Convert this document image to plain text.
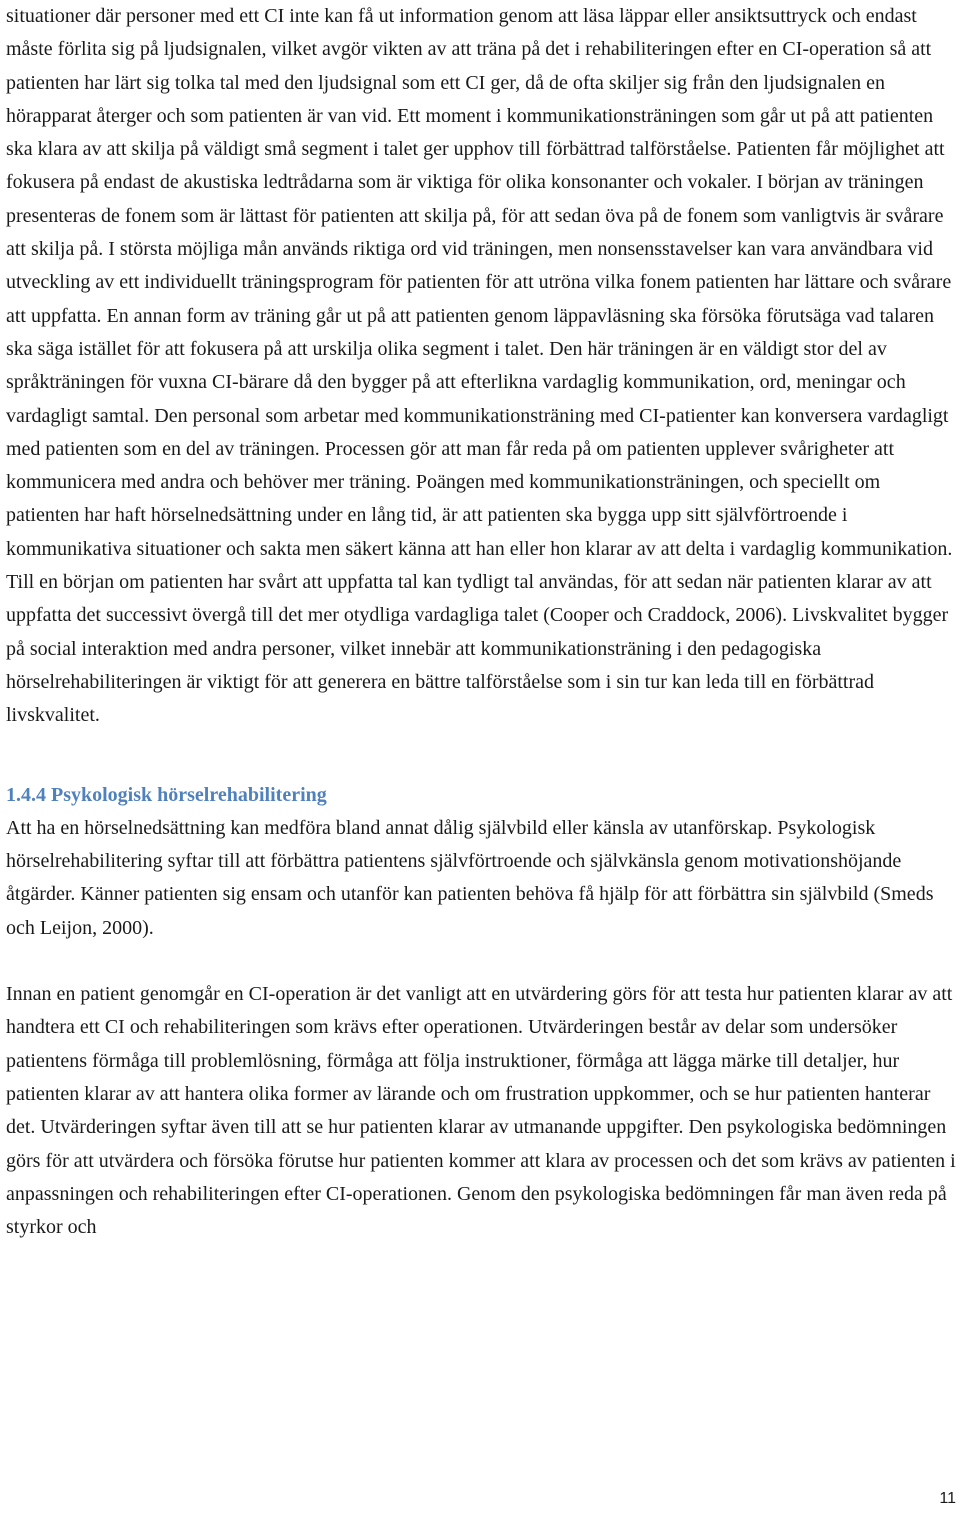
situationer där personer med ett CI inte kan få ut information genom att läsa läppar eller ansiktsuttryck och endast måste förlita sig på ljudsignalen, vilket avgör vikten av att träna på det i rehabiliteringen efter en CI-operation så att patienten har lärt sig tolka tal med den ljudsignal som ett CI ger, då de ofta skiljer sig från den ljudsignalen en hörapparat återger och som patienten är van vid. Ett moment i kommunikationsträningen som går ut på att patienten ska klara av att skilja på väldigt små segment i talet ger upphov till förbättrad talförståelse. Patienten får möjlighet att fokusera på endast de akustiska ledtrådarna som är viktiga för olika konsonanter och vokaler. I början av träningen presenteras de fonem som är lättast för patienten att skilja på, för att sedan öva på de fonem som vanligtvis är svårare att skilja på. I största möjliga mån används riktiga ord vid träningen, men nonsensstavelser kan vara användbara vid utveckling av ett individuellt träningsprogram för patienten för att utröna vilka fonem patienten har lättare och svårare att uppfatta. En annan form av träning går ut på att patienten genom läppavläsning ska försöka förutsäga vad talaren ska säga istället för att fokusera på att urskilja olika segment i talet. Den här träningen är en väldigt stor del av språkträningen för vuxna CI-bärare då den bygger på att efterlikna vardaglig kommunikation, ord, meningar och vardagligt samtal. Den personal som arbetar med kommunikationsträning med CI-patienter kan konversera vardagligt med patienten som en del av träningen. Processen gör att man får reda på om patienten upplever svårigheter att kommunicera med andra och behöver mer träning. Poängen med kommunikationsträningen, och speciellt om patienten har haft hörselnedsättning under en lång tid, är att patienten ska bygga upp sitt självförtroende i kommunikativa situationer och sakta men säkert känna att han eller hon klarar av att delta i vardaglig kommunikation. Till en början om patienten har svårt att uppfatta tal kan tydligt tal användas, för att sedan när patienten klarar av att uppfatta det successivt övergå till det mer otydliga vardagliga talet (Cooper och Craddock, 2006). Livskvalitet bygger på social interaktion med andra personer, vilket innebär att kommunikationsträning i den pedagogiska hörselrehabiliteringen är viktigt för att generera en bättre talförståelse som i sin tur kan leda till en förbättrad livskvalitet.

1.4.4 Psykologisk hörselrehabilitering

Att ha en hörselnedsättning kan medföra bland annat dålig självbild eller känsla av utanförskap. Psykologisk hörselrehabilitering syftar till att förbättra patientens självförtroende och självkänsla genom motivationshöjande åtgärder. Känner patienten sig ensam och utanför kan patienten behöva få hjälp för att förbättra sin självbild (Smeds och Leijon, 2000).

Innan en patient genomgår en CI-operation är det vanligt att en utvärdering görs för att testa hur patienten klarar av att handtera ett CI och rehabiliteringen som krävs efter operationen. Utvärderingen består av delar som undersöker patientens förmåga till problemlösning, förmåga att följa instruktioner, förmåga att lägga märke till detaljer, hur patienten klarar av att hantera olika former av lärande och om frustration uppkommer, och se hur patienten hanterar det. Utvärderingen syftar även till att se hur patienten klarar av utmanande uppgifter. Den psykologiska bedömningen görs för att utvärdera och försöka förutse hur patienten kommer att klara av processen och det som krävs av patienten i anpassningen och rehabiliteringen efter CI-operationen. Genom den psykologiska bedömningen får man även reda på styrkor och

11
